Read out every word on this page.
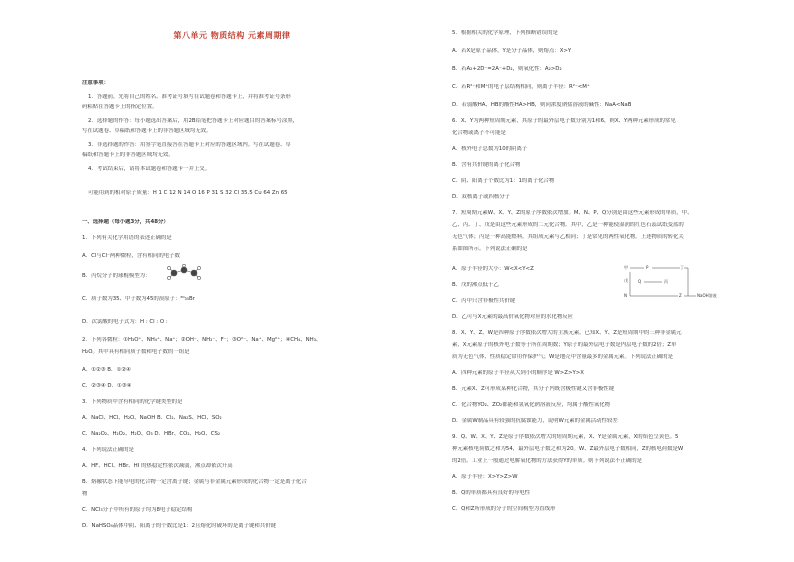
第八单元 物质结构 元素周期律
注意事项：
1．答题前，先将自己的姓名、准考证号填写在试题卷和答题卡上，并将准考证号条形
码粘贴在答题卡上的指定位置。
2．选择题的作答：每小题选出答案后，用2B铅笔把答题卡上对应题目的答案标号涂黑，
写在试题卷、草稿纸和答题卡上的非答题区域均无效。
3．非选择题的作答：用签字笔直接答在答题卡上对应的答题区域内。写在试题卷、草
稿纸和答题卡上的非答题区域均无效。
4．考试结束后，请将本试题卷和答题卡一并上交。
可能用到的相对原子质量：H 1 C 12 N 14 O 16 P 31 S 32 Cl 35.5 Cu 64 Zn 65
一、选择题（每小题3分，共48分）
1．下列有关化学用语的表述正确的是
A．Cl与Cl⁻两种微粒，含有相同的电子数
B．丙烷分子的球棍模型为：
C．质子数为35、中子数为45的溴原子：⁸⁰₃₅Br
D．次氯酸的电子式为：H : Cl : O :
2．下列各微粒：①H₃O⁺、NH₄⁺、Na⁺；②OH⁻、NH₂⁻、F⁻；③O²⁻、Na⁺、Mg²⁺；④CH₄、NH₃、
H₂O。其中具有相同质子数和电子数的一组是
A．①②③ B．①②④
C．②③④ D．①③④
3．下列物质中含有相同的化学键类型的是
A．NaCl、HCl、H₂O、NaOH B．Cl₂、Na₂S、HCl、SO₂
C．Na₂O₂、H₂O₂、H₂O、O₃ D．HBr、CO₂、H₂O、CS₂
4．下列说法正确的是
A．HF、HCl、HBr、HI 的热稳定性依次减弱，沸点却依次升高
B．熔融状态下能导电的化合物一定含离子键；金属与非金属元素形成的化合物一定是离子化合
物
C．NCl₃分子中所有的原子均为8电子稳定结构
D．NaHSO₄晶体中阴、阳离子的个数比是1：2且熔化时破坏的是离子键和共价键
5．根据相关的化学原理，下列推断错误的是
A．若X是原子晶体，Y是分子晶体，则熔点：X>Y
B．若A₂+2D⁻=2A⁻+D₂，则氧化性：A₂>D₂
C．若R²⁻和M⁺的电子层结构相同，则离子半径：R²⁻<M⁺
D．若弱酸HA、HB的酸性HA>HB，则同浓度钠盐溶液的碱性：NaA<NaB
6．X、Y为两种短周期元素，其原子的最外层电子数分别为1和6，则X、Y两种元素形成的常见
化合物或离子不可能是
A．核外电子总数为10的阴离子
B．含有共价键的离子化合物
C．阴、阳离子个数比为1：1的离子化合物
D．双核离子或四核分子
7．短周期元素W、X、Y、Z的原子序数依次增加。M、N、P、Q分别是由这些元素形成的单质，甲、
乙、丙、丁、戊是由这些元素形成的二元化合物。其中，乙是一种能使湿润的红色石蕊试纸变蓝的
无色气体；丙是一种高能燃料，其组成元素与乙相同；丁是常见的两性氧化物。上述物质的转化关
系如图所示。下列说法正确的是
A．原子半径的大小：W<X<Y<Z
B．戊的沸点低于乙
C．丙中只含非极性共价键
D．乙可与X元素的最高价氧化物对应的水化物反应
8．X、Y、Z、W是四种原子序数依次增大的主族元素。已知X、Y、Z是短周期中的三种非金属元
素，X元素原子的核外电子数等于所在周期数；Y原子的最外层电子数是内层电子数的2倍；Z单
质为无色气体，性质稳定常用作保护气；W是地壳中含量最多的金属元素。下列说法正确的是
A．四种元素的原子半径从大到小的顺序是 W>Z>Y>X
B．元素X、Z可形成某种化合物，其分子内既含极性键又含非极性键
C．化合物YO₂、ZO₂都能和氢氧化钠溶液反应，均属于酸性氧化物
D．金属W制品具有较强的抗腐蚀能力，说明W元素的金属活动性较差
9．Q、W、X、Y、Z是原子序数依次增大的短周期元素，X、Y是金属元素，X的焰色呈黄色。5
种元素核电荷数之和为54，最外层电子数之和为20。W、Z最外层电子数相同，Z的核电荷数是W
的2倍。工业上一般通过电解氧化物的方法获得Y的单质。则下列说法不正确的是
A．原子半径：X>Y>Z>W
B．Q的单质都具有良好的导电性
C．Q和Z所形成的分子的空间构型为直线形
甲	P	丁
戊	Q	丙
N	Z	NaOH溶液
